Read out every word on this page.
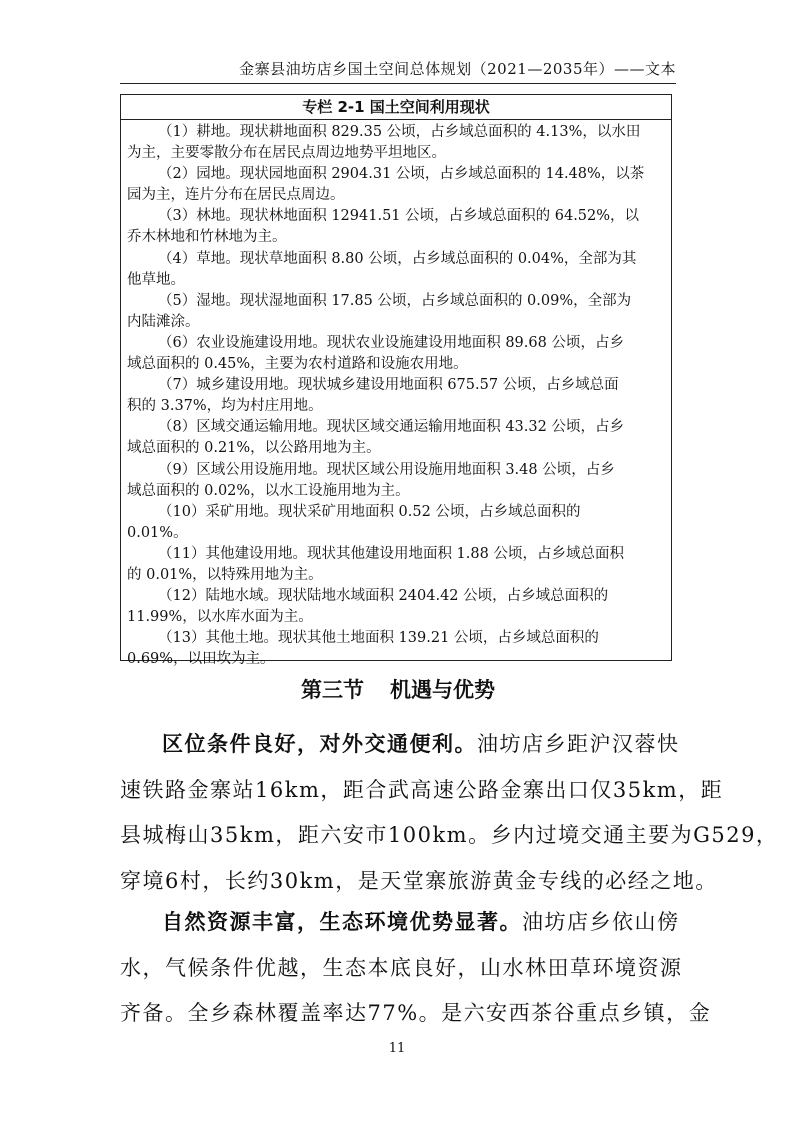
金寨县油坊店乡国土空间总体规划（2021—2035年）——文本
专栏 2-1 国土空间利用现状
（1）耕地。现状耕地面积 829.35 公顷，占乡域总面积的 4.13%，以水田
为主，主要零散分布在居民点周边地势平坦地区。
（2）园地。现状园地面积 2904.31 公顷，占乡域总面积的 14.48%，以茶
园为主，连片分布在居民点周边。
（3）林地。现状林地面积 12941.51 公顷，占乡域总面积的 64.52%，以
乔木林地和竹林地为主。
（4）草地。现状草地面积 8.80 公顷，占乡域总面积的 0.04%，全部为其
他草地。
（5）湿地。现状湿地面积 17.85 公顷，占乡域总面积的 0.09%，全部为
内陆滩涂。
（6）农业设施建设用地。现状农业设施建设用地面积 89.68 公顷，占乡
域总面积的 0.45%，主要为农村道路和设施农用地。
（7）城乡建设用地。现状城乡建设用地面积 675.57 公顷，占乡域总面
积的 3.37%，均为村庄用地。
（8）区域交通运输用地。现状区域交通运输用地面积 43.32 公顷，占乡
域总面积的 0.21%，以公路用地为主。
（9）区域公用设施用地。现状区域公用设施用地面积 3.48 公顷，占乡
域总面积的 0.02%，以水工设施用地为主。
（10）采矿用地。现状采矿用地面积 0.52 公顷，占乡域总面积的
0.01%。
（11）其他建设用地。现状其他建设用地面积 1.88 公顷，占乡域总面积
的 0.01%，以特殊用地为主。
（12）陆地水域。现状陆地水域面积 2404.42 公顷，占乡域总面积的
11.99%，以水库水面为主。
（13）其他土地。现状其他土地面积 139.21 公顷，占乡域总面积的
0.69%，以田坎为主。
第三节 机遇与优势
区位条件良好，对外交通便利。油坊店乡距沪汉蓉快
速铁路金寨站16km，距合武高速公路金寨出口仅35km，距
县城梅山35km，距六安市100km。乡内过境交通主要为G529，
穿境6村，长约30km，是天堂寨旅游黄金专线的必经之地。
自然资源丰富，生态环境优势显著。油坊店乡依山傍
水，气候条件优越，生态本底良好，山水林田草环境资源
齐备。全乡森林覆盖率达77%。是六安西茶谷重点乡镇，金
11
